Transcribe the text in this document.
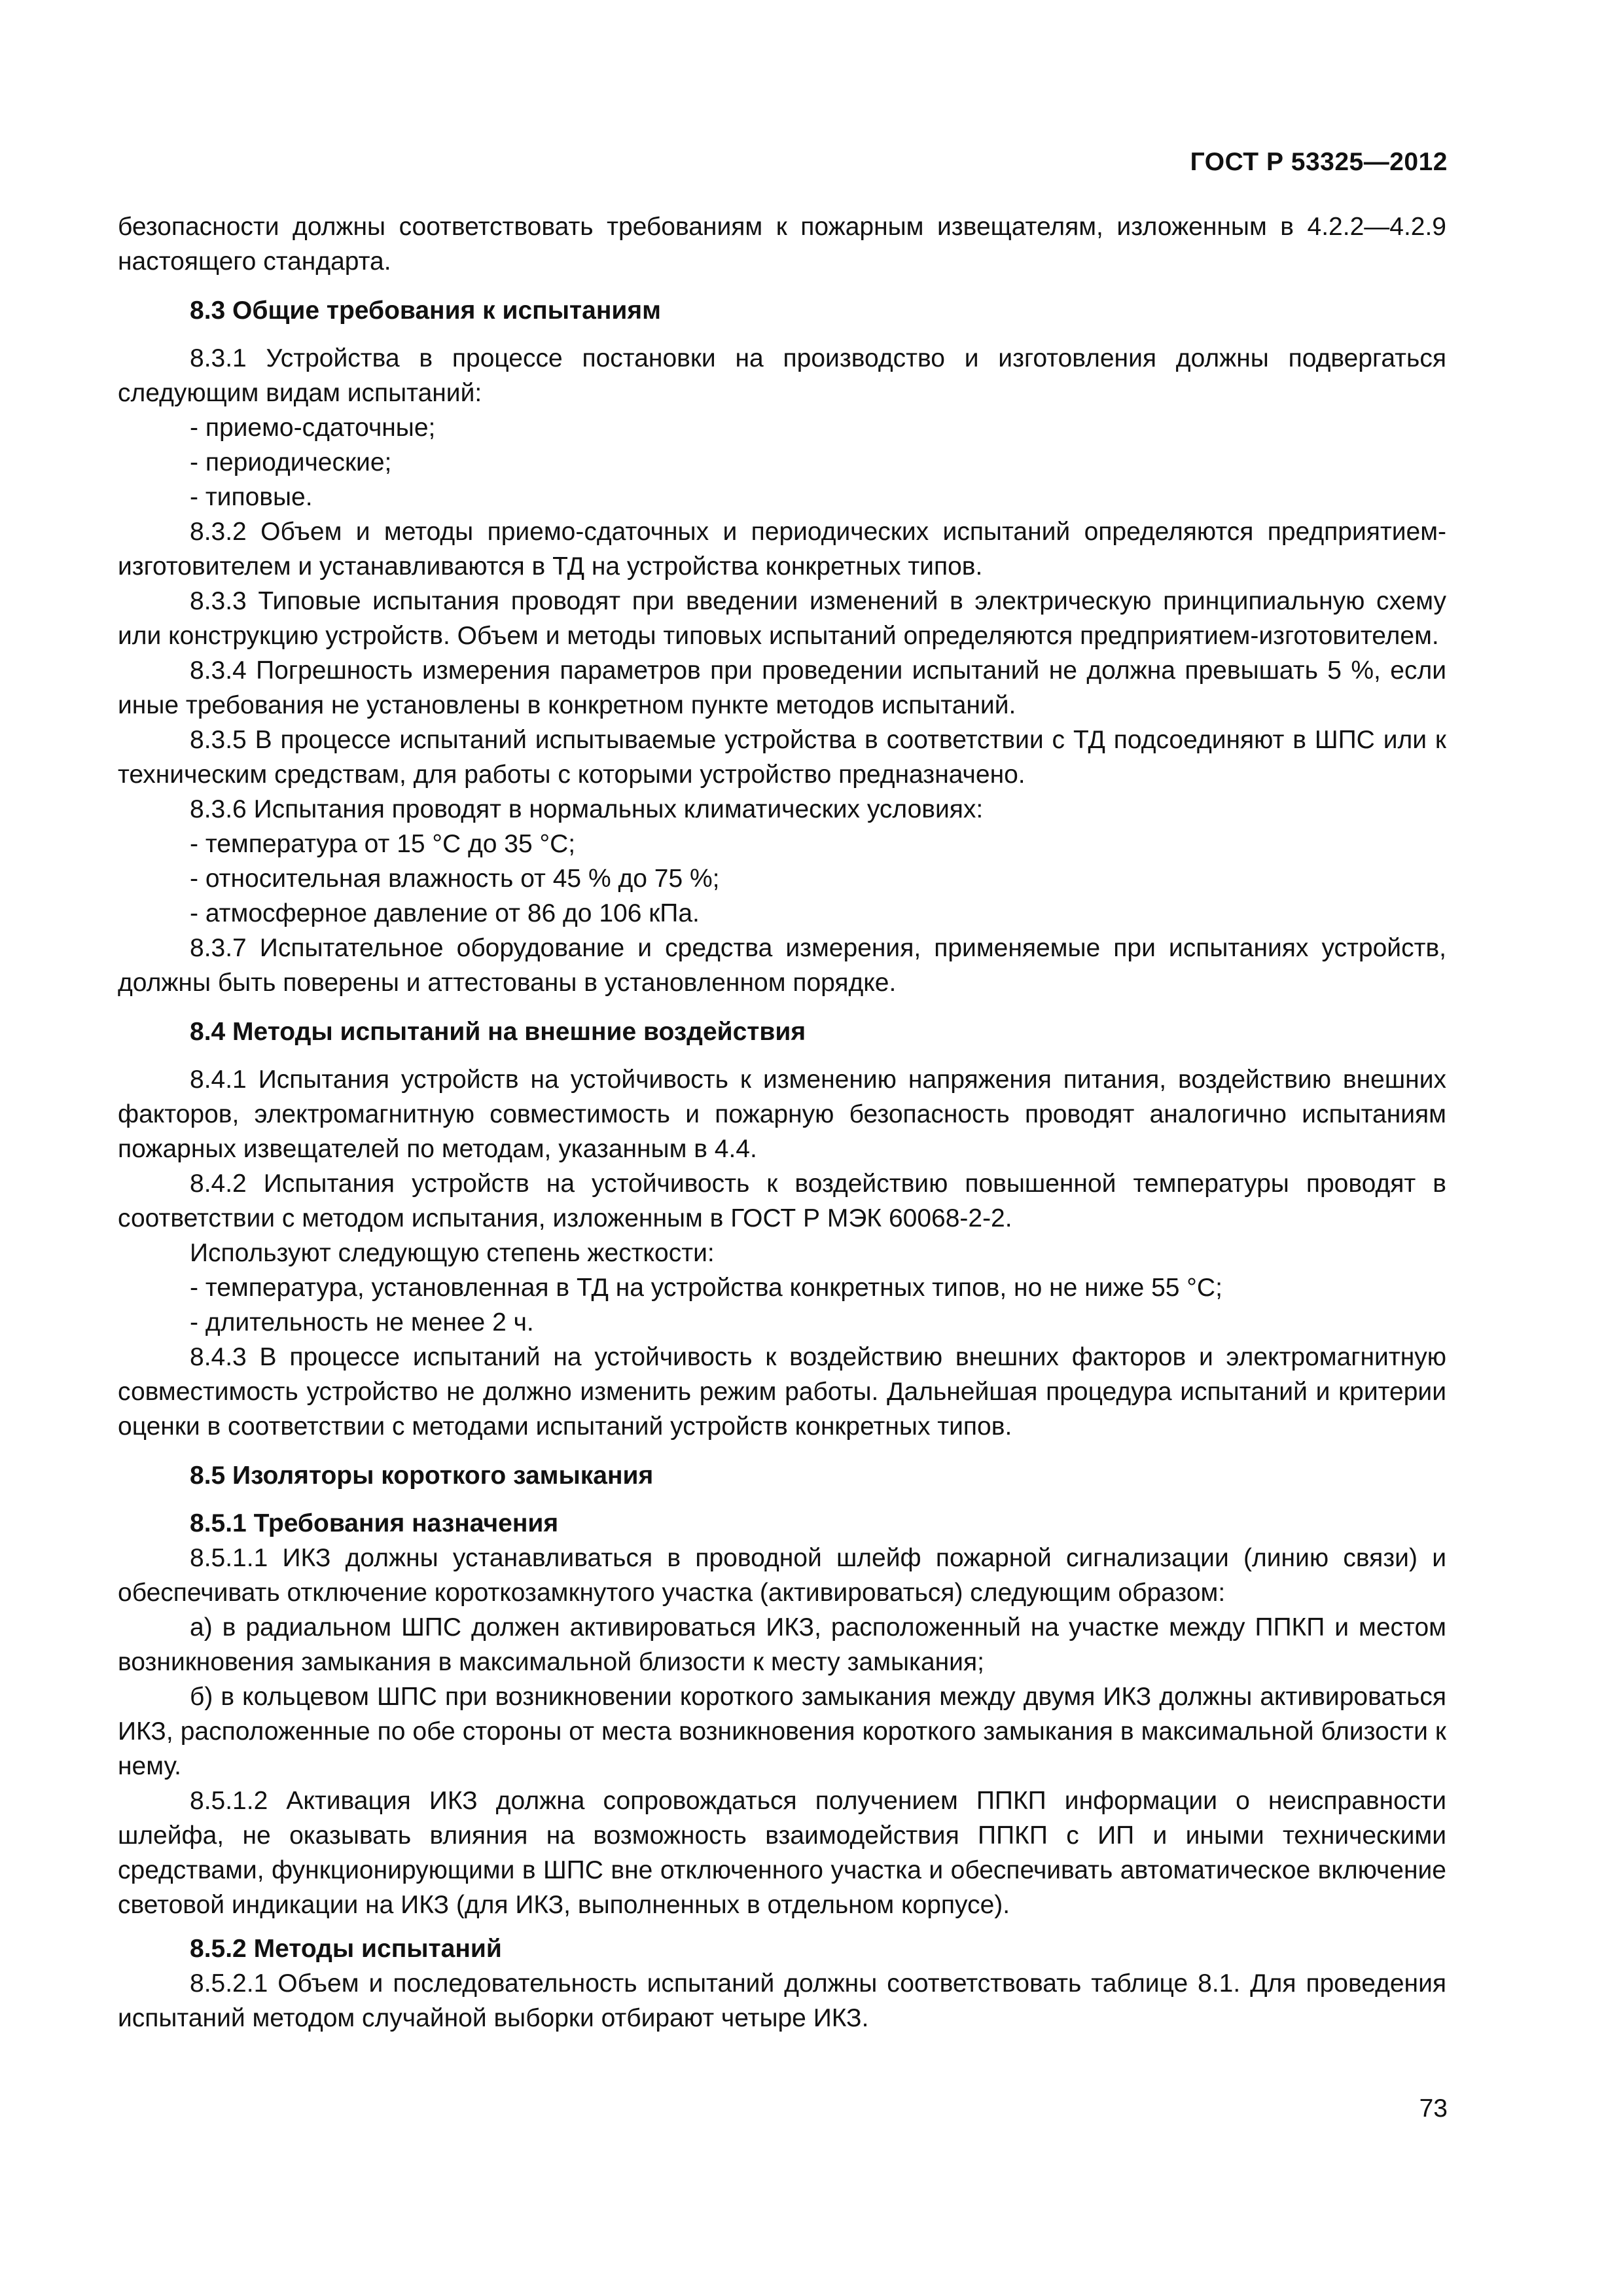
ГОСТ Р 53325—2012
безопасности должны соответствовать требованиям к пожарным извещателям, изложенным в 4.2.2—4.2.9 настоящего стандарта.
8.3 Общие требования к испытаниям
8.3.1 Устройства в процессе постановки на производство и изготовления должны подвергаться следующим видам испытаний:
- приемо-сдаточные;
- периодические;
- типовые.
8.3.2 Объем и методы приемо-сдаточных и периодических испытаний определяются предприятием-изготовителем и устанавливаются в ТД на устройства конкретных типов.
8.3.3 Типовые испытания проводят при введении изменений в электрическую принципиальную схему или конструкцию устройств. Объем и методы типовых испытаний определяются предприятием-изготовителем.
8.3.4 Погрешность измерения параметров при проведении испытаний не должна превышать 5 %, если иные требования не установлены в конкретном пункте методов испытаний.
8.3.5 В процессе испытаний испытываемые устройства в соответствии с ТД подсоединяют в ШПС или к техническим средствам, для работы с которыми устройство предназначено.
8.3.6 Испытания проводят в нормальных климатических условиях:
- температура от 15 °С до 35 °С;
- относительная влажность от 45 % до 75 %;
- атмосферное давление от 86 до 106 кПа.
8.3.7 Испытательное оборудование и средства измерения, применяемые при испытаниях устройств, должны быть поверены и аттестованы в установленном порядке.
8.4 Методы испытаний на внешние воздействия
8.4.1 Испытания устройств на устойчивость к изменению напряжения питания, воздействию внешних факторов, электромагнитную совместимость и пожарную безопасность проводят аналогично испытаниям пожарных извещателей по методам, указанным в 4.4.
8.4.2 Испытания устройств на устойчивость к воздействию повышенной температуры проводят в соответствии с методом испытания, изложенным в ГОСТ Р МЭК 60068-2-2.
Используют следующую степень жесткости:
- температура, установленная в ТД на устройства конкретных типов, но не ниже 55 °С;
- длительность не менее 2 ч.
8.4.3 В процессе испытаний на устойчивость к воздействию внешних факторов и электромагнитную совместимость устройство не должно изменить режим работы. Дальнейшая процедура испытаний и критерии оценки в соответствии с методами испытаний устройств конкретных типов.
8.5 Изоляторы короткого замыкания
8.5.1 Требования назначения
8.5.1.1 ИКЗ должны устанавливаться в проводной шлейф пожарной сигнализации (линию связи) и обеспечивать отключение короткозамкнутого участка (активироваться) следующим образом:
а) в радиальном ШПС должен активироваться ИКЗ, расположенный на участке между ППКП и местом возникновения замыкания в максимальной близости к месту замыкания;
б) в кольцевом ШПС при возникновении короткого замыкания между двумя ИКЗ должны активироваться ИКЗ, расположенные по обе стороны от места возникновения короткого замыкания в максимальной близости к нему.
8.5.1.2 Активация ИКЗ должна сопровождаться получением ППКП информации о неисправности шлейфа, не оказывать влияния на возможность взаимодействия ППКП с ИП и иными техническими средствами, функционирующими в ШПС вне отключенного участка и обеспечивать автоматическое включение световой индикации на ИКЗ (для ИКЗ, выполненных в отдельном корпусе).
8.5.2 Методы испытаний
8.5.2.1 Объем и последовательность испытаний должны соответствовать таблице 8.1. Для проведения испытаний методом случайной выборки отбирают четыре ИКЗ.
73
